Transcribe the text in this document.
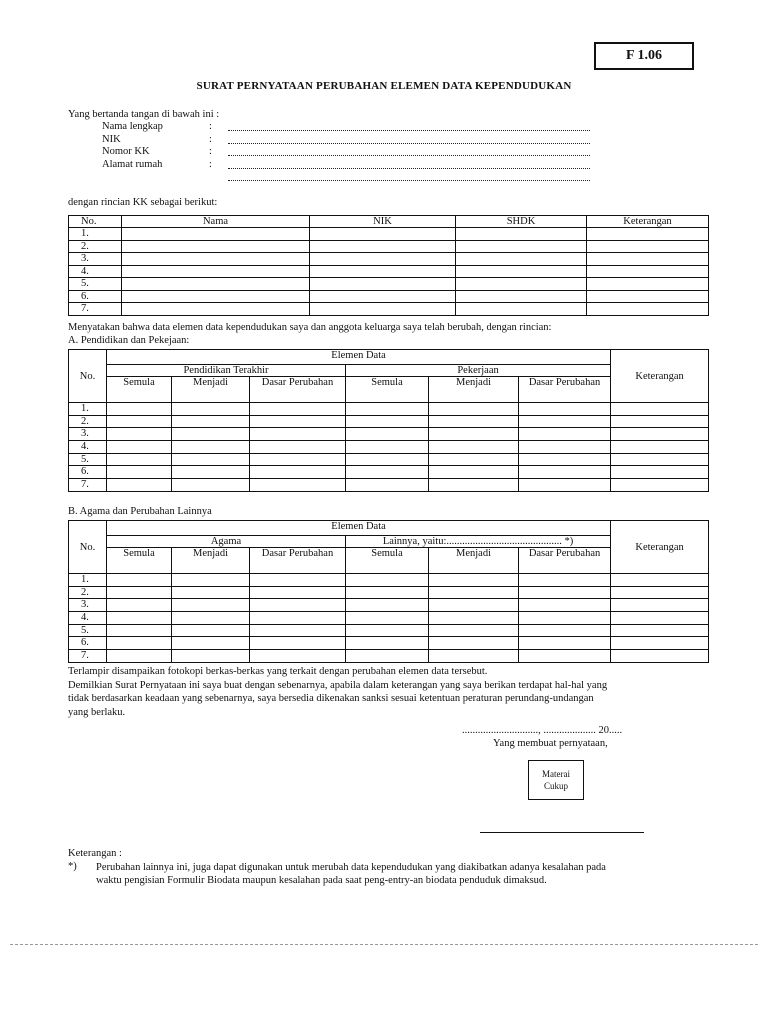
F 1.06
SURAT PERNYATAAN PERUBAHAN ELEMEN DATA KEPENDUDUKAN
Yang bertanda tangan di bawah ini :
Nama lengkap	:
NIK	:
Nomor KK	:
Alamat rumah	:
dengan rincian KK sebagai berikut:
No.	Nama	NIK	SHDK	Keterangan
1.				
2.				
3.				
4.				
5.				
6.				
7.				
Menyatakan bahwa data elemen data kependudukan saya dan anggota keluarga saya telah berubah, dengan rincian:
A. Pendidikan dan Pekejaan:
No.	Elemen Data						Keterangan
	Pendidikan Terakhir			Pekerjaan			
	Semula	Menjadi	Dasar Perubahan	Semula	Menjadi	Dasar Perubahan	
1.							
2.							
3.							
4.							
5.							
6.							
7.							
B. Agama dan Perubahan Lainnya
No.	Elemen Data						Keterangan
	Agama			Lainnya, yaitu:............................................ *)			
	Semula	Menjadi	Dasar Perubahan	Semula	Menjadi	Dasar Perubahan	
1.							
2.							
3.							
4.							
5.							
6.							
7.							
Terlampir disampaikan fotokopi berkas-berkas yang terkait dengan perubahan elemen data tersebut.
Demilkian Surat Pernyataan ini saya buat dengan sebenarnya, apabila dalam keterangan yang saya berikan terdapat hal-hal yang
tidak berdasarkan keadaan yang sebenarnya, saya bersedia dikenakan sanksi sesuai ketentuan peraturan perundang-undangan
yang berlaku.
............................., .................... 20.....
Yang membuat pernyataan,
Materai
Cukup
Keterangan :
*) Perubahan lainnya ini, juga dapat digunakan untuk merubah data kependudukan yang diakibatkan adanya kesalahan pada
waktu pengisian Formulir Biodata maupun kesalahan pada saat peng-entry-an biodata penduduk dimaksud.
